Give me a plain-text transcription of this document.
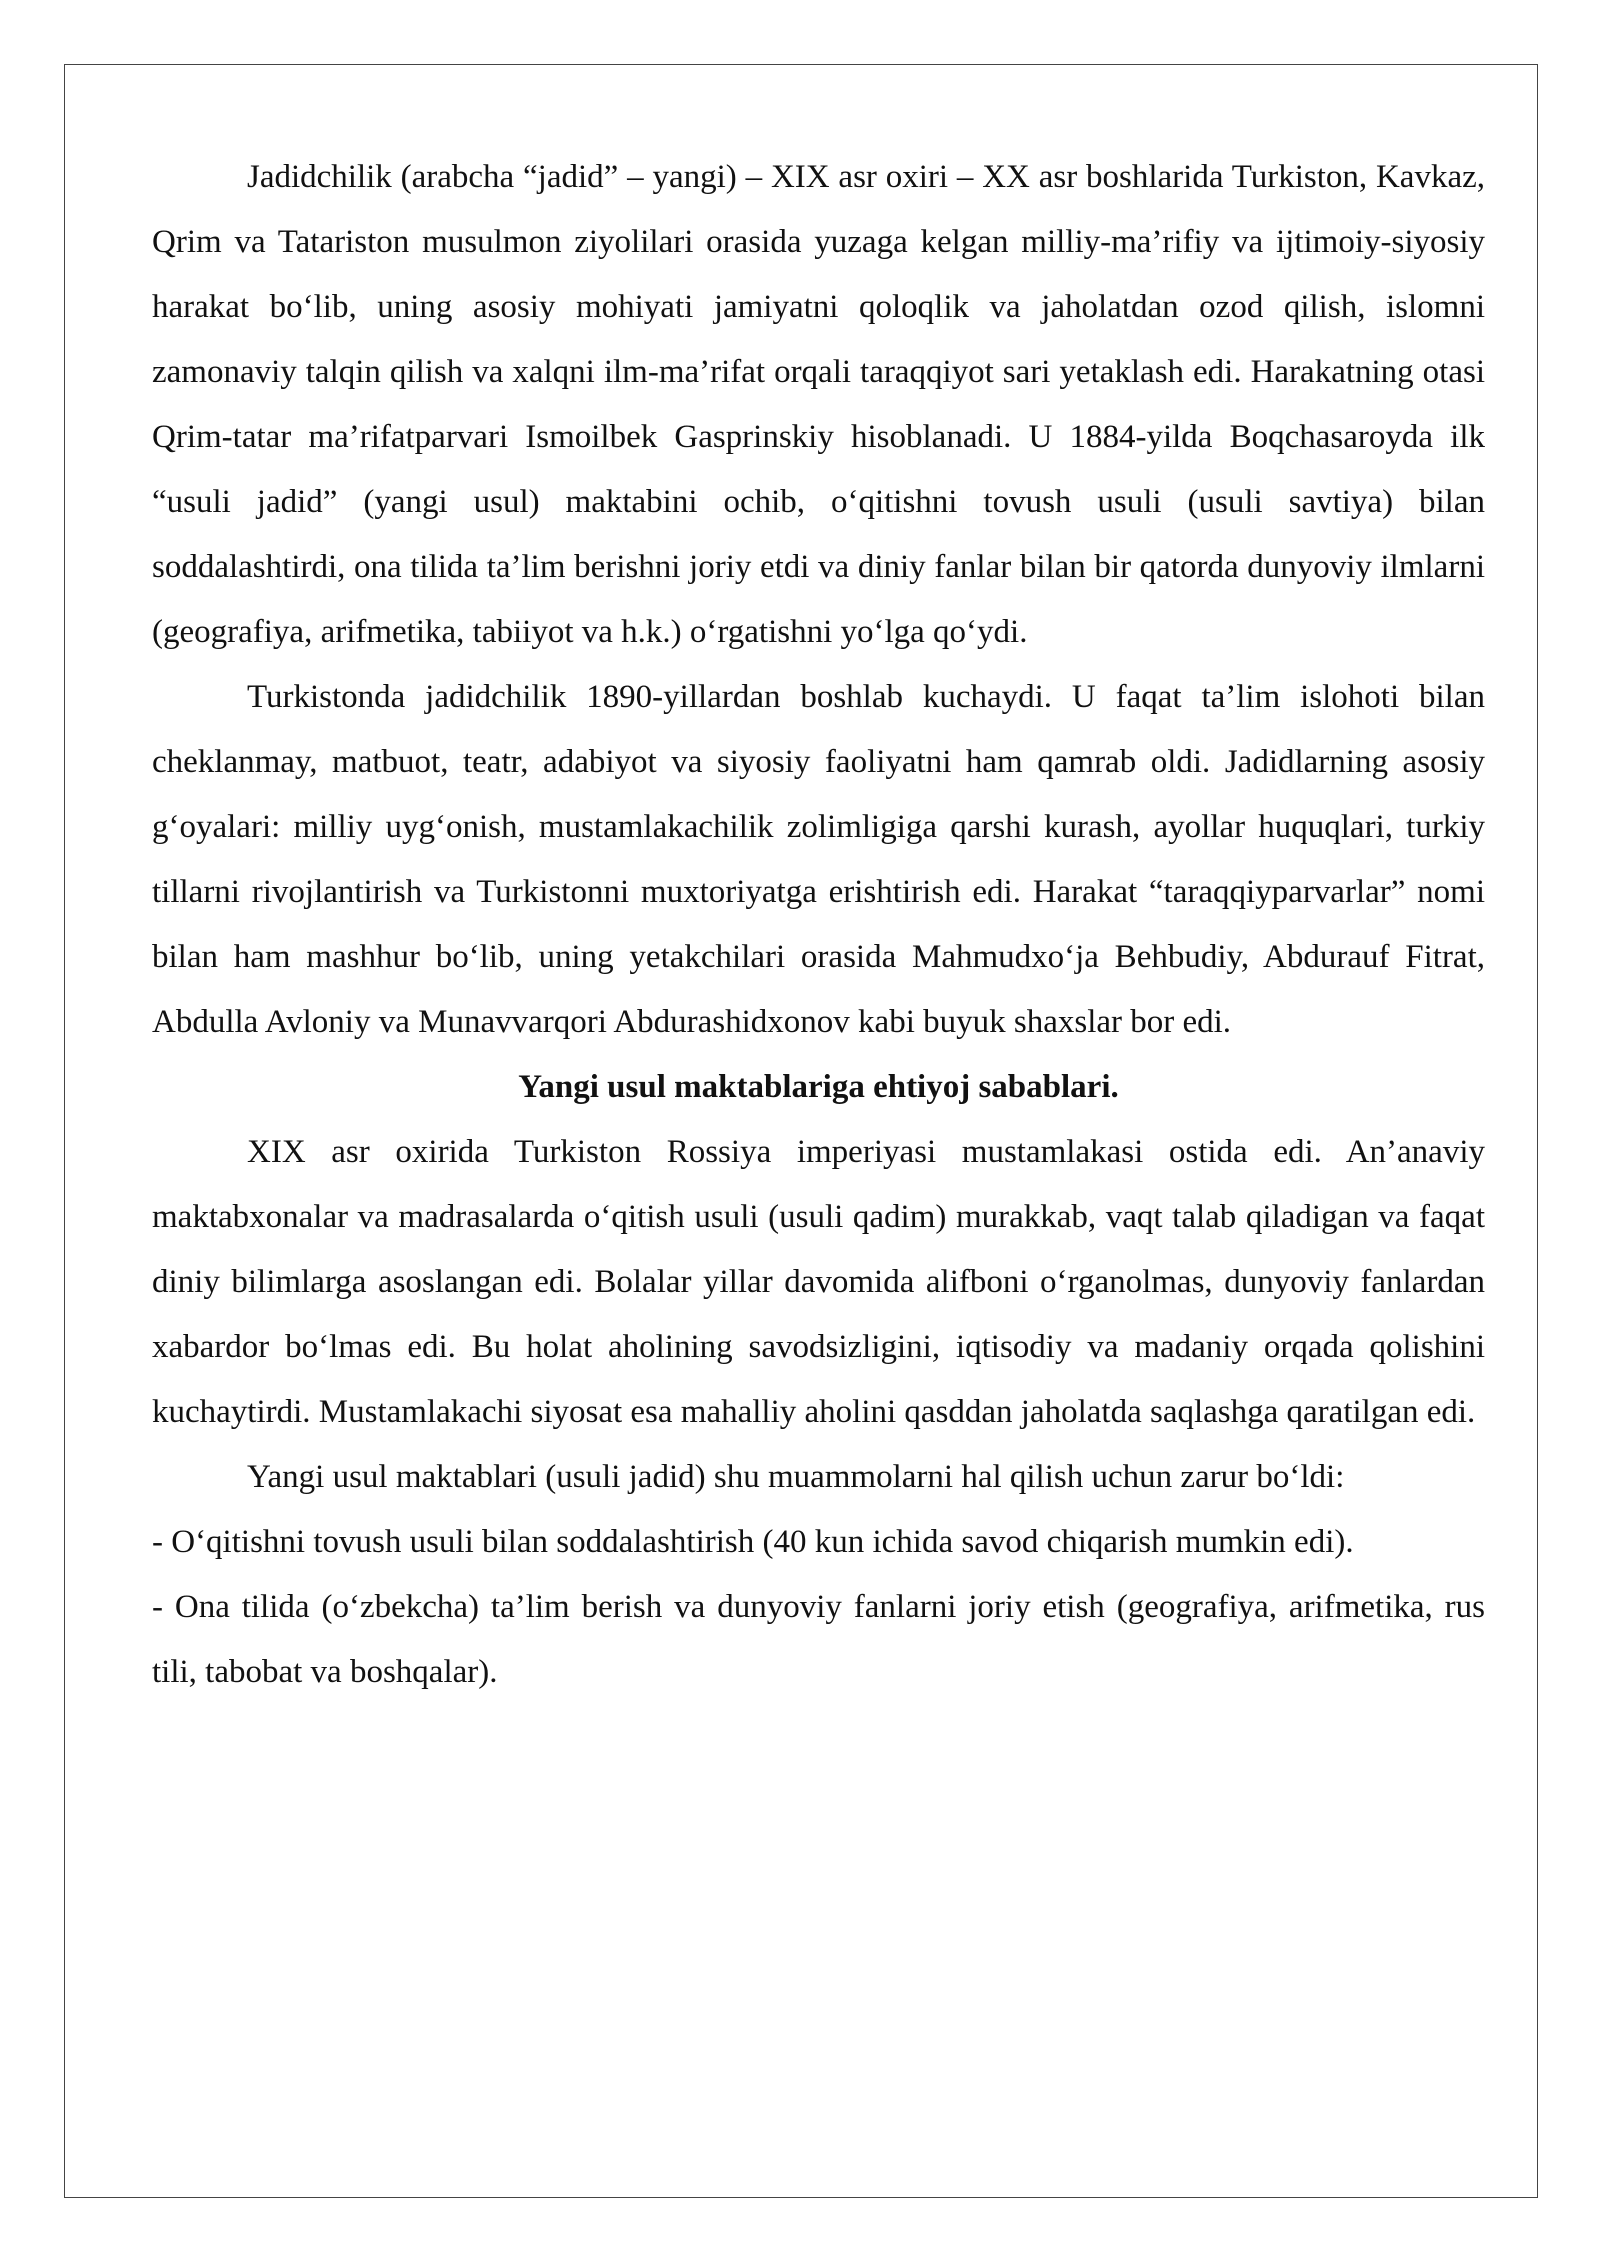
Jadidchilik (arabcha “jadid” – yangi) – XIX asr oxiri – XX asr boshlarida Turkiston, Kavkaz, Qrim va Tatariston musulmon ziyolilari orasida yuzaga kelgan milliy-ma’rifiy va ijtimoiy-siyosiy harakat bo‘lib, uning asosiy mohiyati jamiyatni qoloqlik va jaholatdan ozod qilish, islomni zamonaviy talqin qilish va xalqni ilm-ma’rifat orqali taraqqiyot sari yetaklash edi. Harakatning otasi Qrim-tatar ma’rifatparvari Ismoilbek Gasprinskiy hisoblanadi. U 1884-yilda Boqchasaroyda ilk “usuli jadid” (yangi usul) maktabini ochib, o‘qitishni tovush usuli (usuli savtiya) bilan soddalashtirdi, ona tilida ta’lim berishni joriy etdi va diniy fanlar bilan bir qatorda dunyoviy ilmlarni (geografiya, arifmetika, tabiiyot va h.k.) o‘rgatishni yo‘lga qo‘ydi.

Turkistonda jadidchilik 1890-yillardan boshlab kuchaydi. U faqat ta’lim islohoti bilan cheklanmay, matbuot, teatr, adabiyot va siyosiy faoliyatni ham qamrab oldi. Jadidlarning asosiy g‘oyalari: milliy uyg‘onish, mustamlakachilik zolimligiga qarshi kurash, ayollar huquqlari, turkiy tillarni rivojlantirish va Turkistonni muxtoriyatga erishtirish edi. Harakat “taraqqiyparvarlar” nomi bilan ham mashhur bo‘lib, uning yetakchilari orasida Mahmudxo‘ja Behbudiy, Abdurauf Fitrat, Abdulla Avloniy va Munavvarqori Abdurashidxonov kabi buyuk shaxslar bor edi.

Yangi usul maktablariga ehtiyoj sabablari.

XIX asr oxirida Turkiston Rossiya imperiyasi mustamlakasi ostida edi. An’anaviy maktabxonalar va madrasalarda o‘qitish usuli (usuli qadim) murakkab, vaqt talab qiladigan va faqat diniy bilimlarga asoslangan edi. Bolalar yillar davomida alifboni o‘rganolmas, dunyoviy fanlardan xabardor bo‘lmas edi. Bu holat aholining savodsizligini, iqtisodiy va madaniy orqada qolishini kuchaytirdi. Mustamlakachi siyosat esa mahalliy aholini qasddan jaholatda saqlashga qaratilgan edi.

Yangi usul maktablari (usuli jadid) shu muammolarni hal qilish uchun zarur bo‘ldi:

- O‘qitishni tovush usuli bilan soddalashtirish (40 kun ichida savod chiqarish mumkin edi).

- Ona tilida (o‘zbekcha) ta’lim berish va dunyoviy fanlarni joriy etish (geografiya, arifmetika, rus tili, tabobat va boshqalar).
